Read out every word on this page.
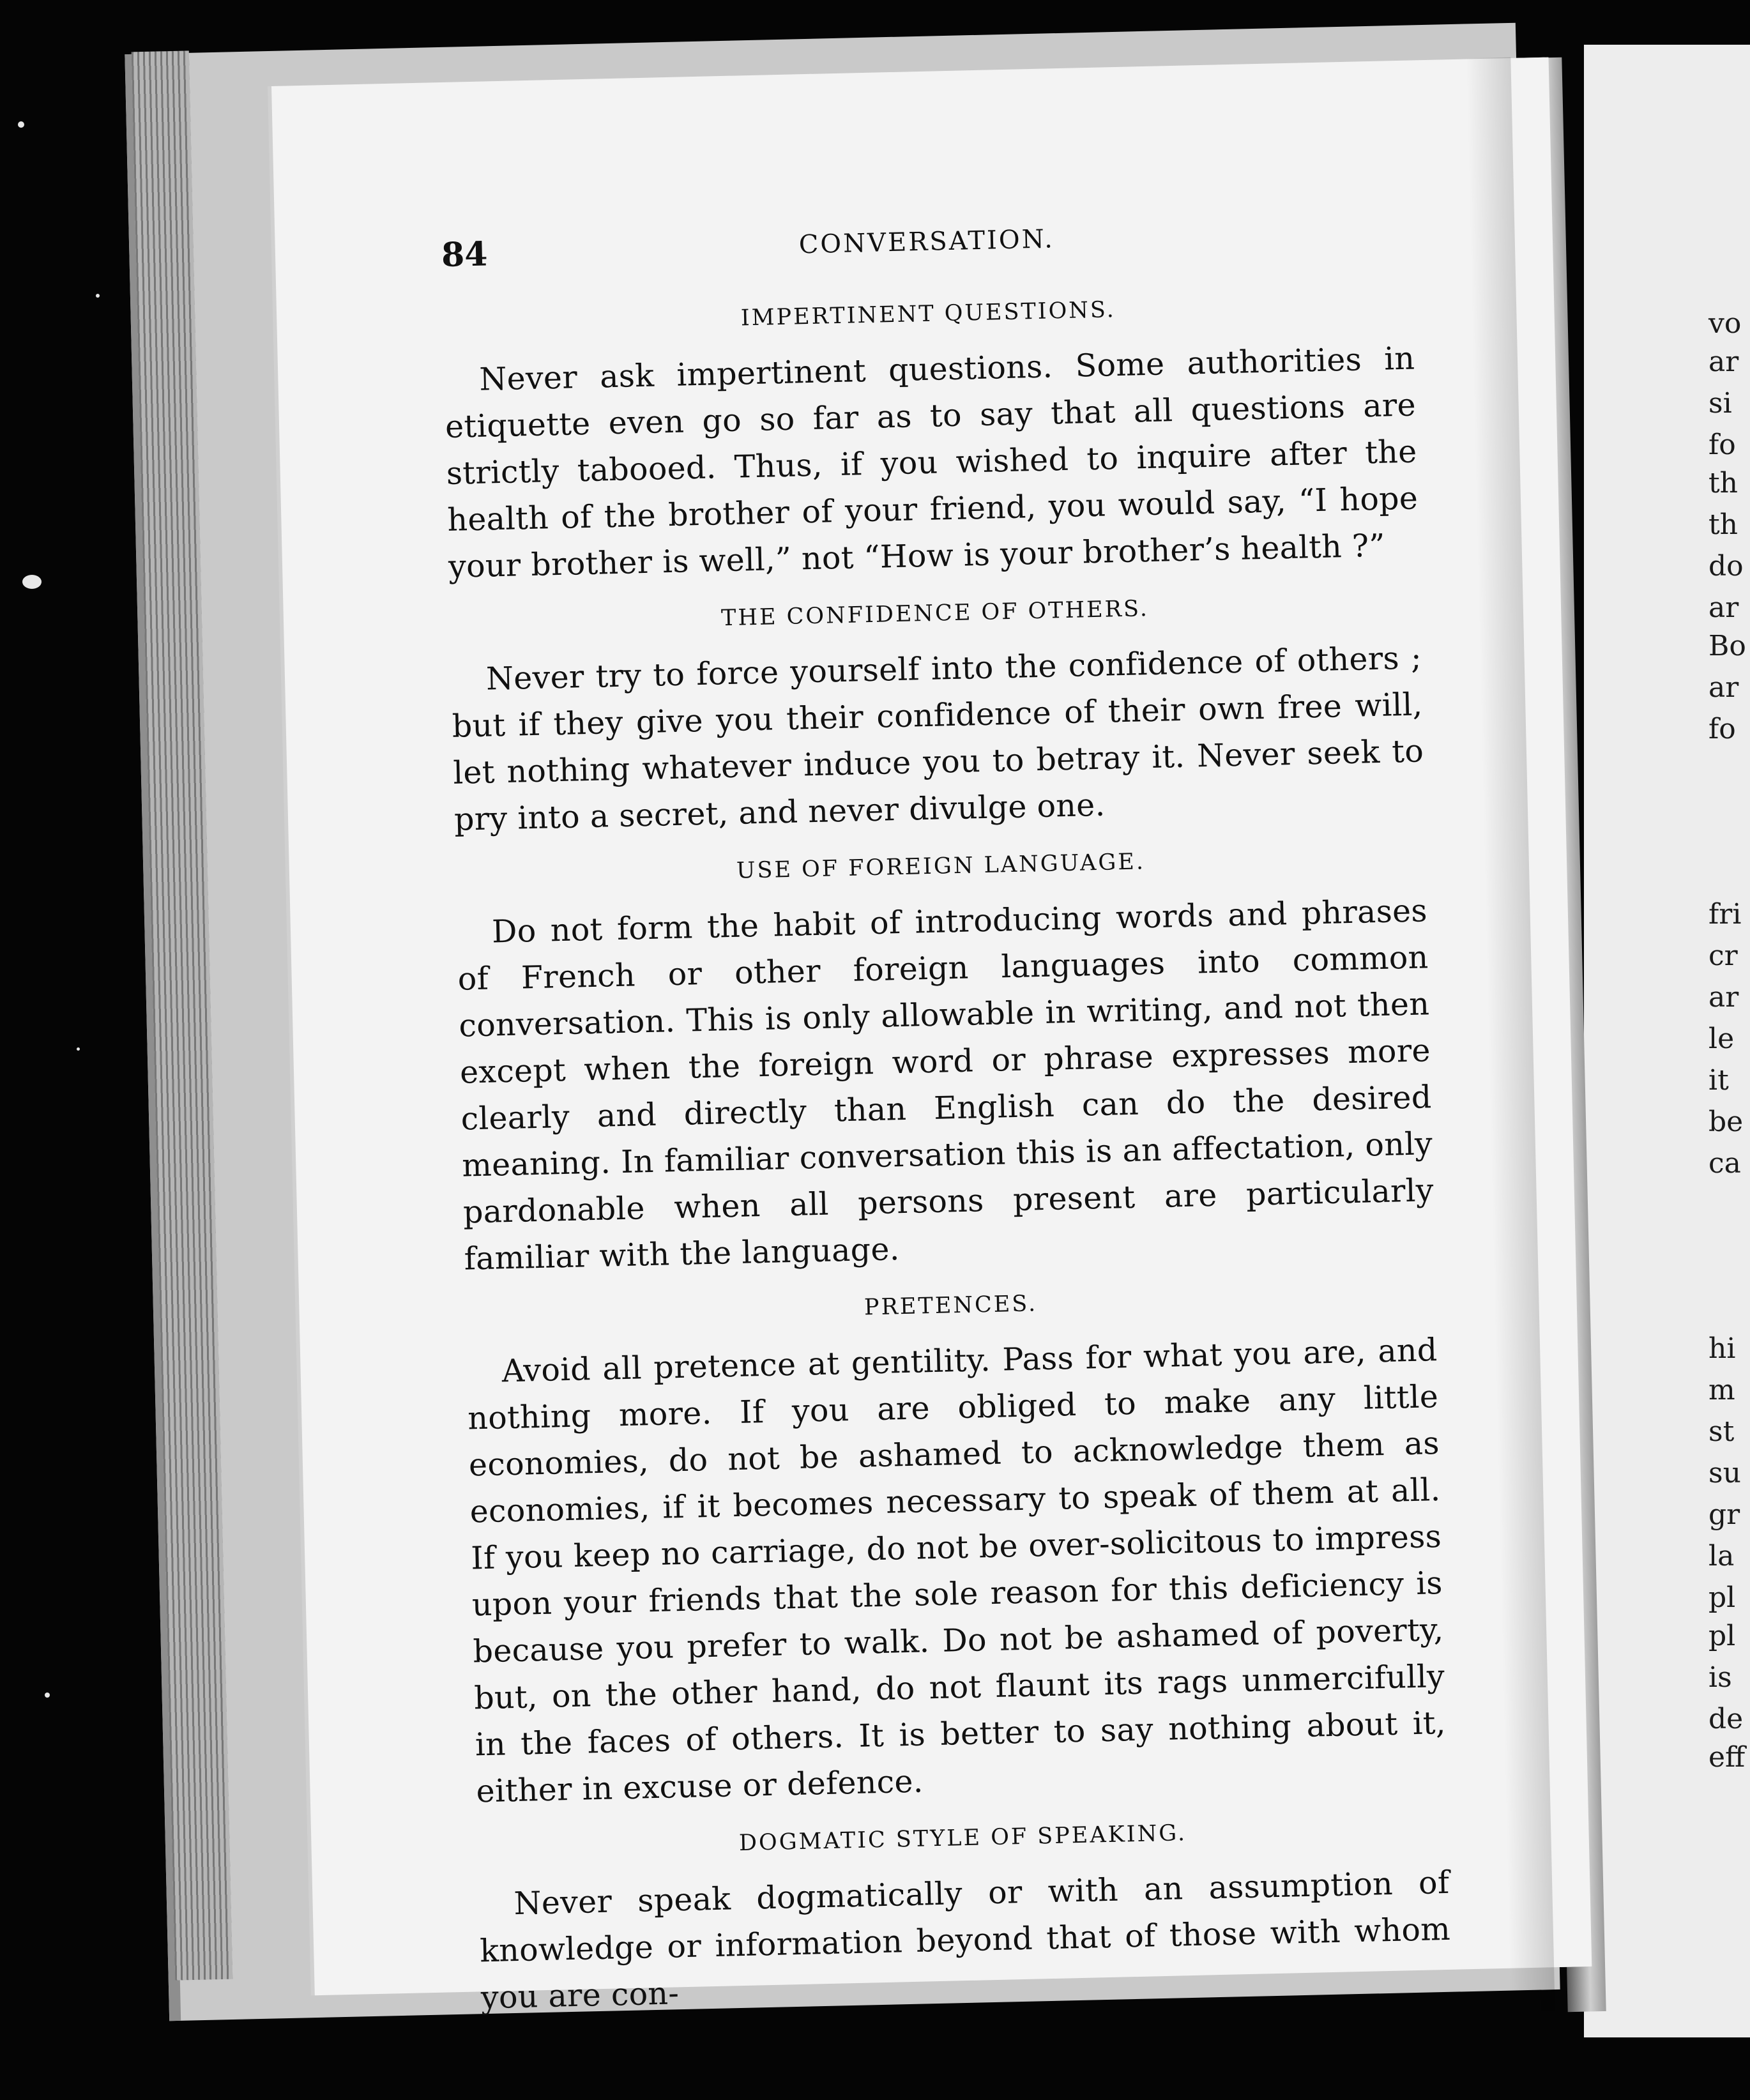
vo
ar
si
fo
th
th
do
ar
Bo
ar
fo
fri
cr
ar
le
it
be
ca
hi
m
st
su
gr
la
pl
pl
is
de
eff
84	CONVERSATION.
IMPERTINENT QUESTIONS.

Never ask impertinent questions. Some authorities in etiquette even go so far as to say that all questions are strictly tabooed. Thus, if you wished to inquire after the health of the brother of your friend, you would say, “I hope your brother is well,” not “How is your brother’s health ?”

THE CONFIDENCE OF OTHERS.

Never try to force yourself into the confidence of others ; but if they give you their confidence of their own free will, let nothing whatever induce you to betray it. Never seek to pry into a secret, and never divulge one.

USE OF FOREIGN LANGUAGE.

Do not form the habit of introducing words and phrases of French or other foreign languages into common conversation. This is only allowable in writing, and not then except when the foreign word or phrase expresses more clearly and directly than English can do the desired meaning. In familiar conversation this is an affectation, only pardonable when all persons present are particularly familiar with the language.

PRETENCES.

Avoid all pretence at gentility. Pass for what you are, and nothing more. If you are obliged to make any little economies, do not be ashamed to acknowledge them as economies, if it becomes necessary to speak of them at all. If you keep no carriage, do not be over-solicitous to impress upon your friends that the sole reason for this deficiency is because you prefer to walk. Do not be ashamed of poverty, but, on the other hand, do not flaunt its rags unmercifully in the faces of others. It is better to say nothing about it, either in excuse or defence.

DOGMATIC STYLE OF SPEAKING.

Never speak dogmatically or with an assumption of knowledge or information beyond that of those with whom you are con-
